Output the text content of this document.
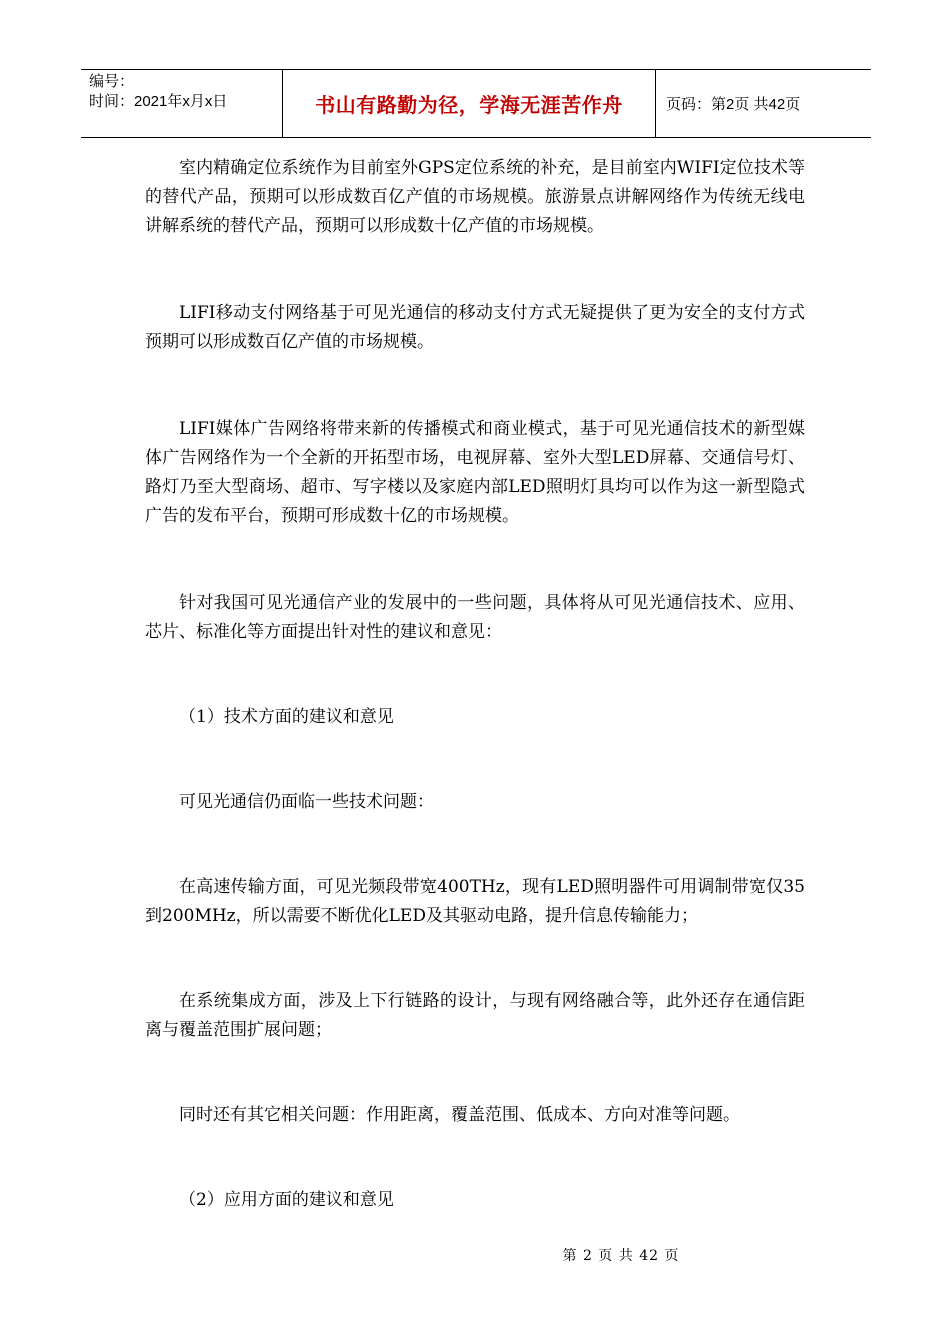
编号：
时间：2021年x月x日	书山有路勤为径，学海无涯苦作舟	页码：第2页 共42页

室内精确定位系统作为目前室外GPS定位系统的补充，是目前室内WIFI定位技术等的替代产品，预期可以形成数百亿产值的市场规模。旅游景点讲解网络作为传统无线电讲解系统的替代产品，预期可以形成数十亿产值的市场规模。

LIFI移动支付网络基于可见光通信的移动支付方式无疑提供了更为安全的支付方式预期可以形成数百亿产值的市场规模。

LIFI媒体广告网络将带来新的传播模式和商业模式，基于可见光通信技术的新型媒体广告网络作为一个全新的开拓型市场，电视屏幕、室外大型LED屏幕、交通信号灯、路灯乃至大型商场、超市、写字楼以及家庭内部LED照明灯具均可以作为这一新型隐式广告的发布平台，预期可形成数十亿的市场规模。

针对我国可见光通信产业的发展中的一些问题，具体将从可见光通信技术、应用、芯片、标准化等方面提出针对性的建议和意见：

（1）技术方面的建议和意见

可见光通信仍面临一些技术问题：

在高速传输方面，可见光频段带宽400THz，现有LED照明器件可用调制带宽仅35到200MHz，所以需要不断优化LED及其驱动电路，提升信息传输能力；

在系统集成方面，涉及上下行链路的设计，与现有网络融合等，此外还存在通信距离与覆盖范围扩展问题；

同时还有其它相关问题：作用距离，覆盖范围、低成本、方向对准等问题。

（2）应用方面的建议和意见

第 2 页 共 42 页
